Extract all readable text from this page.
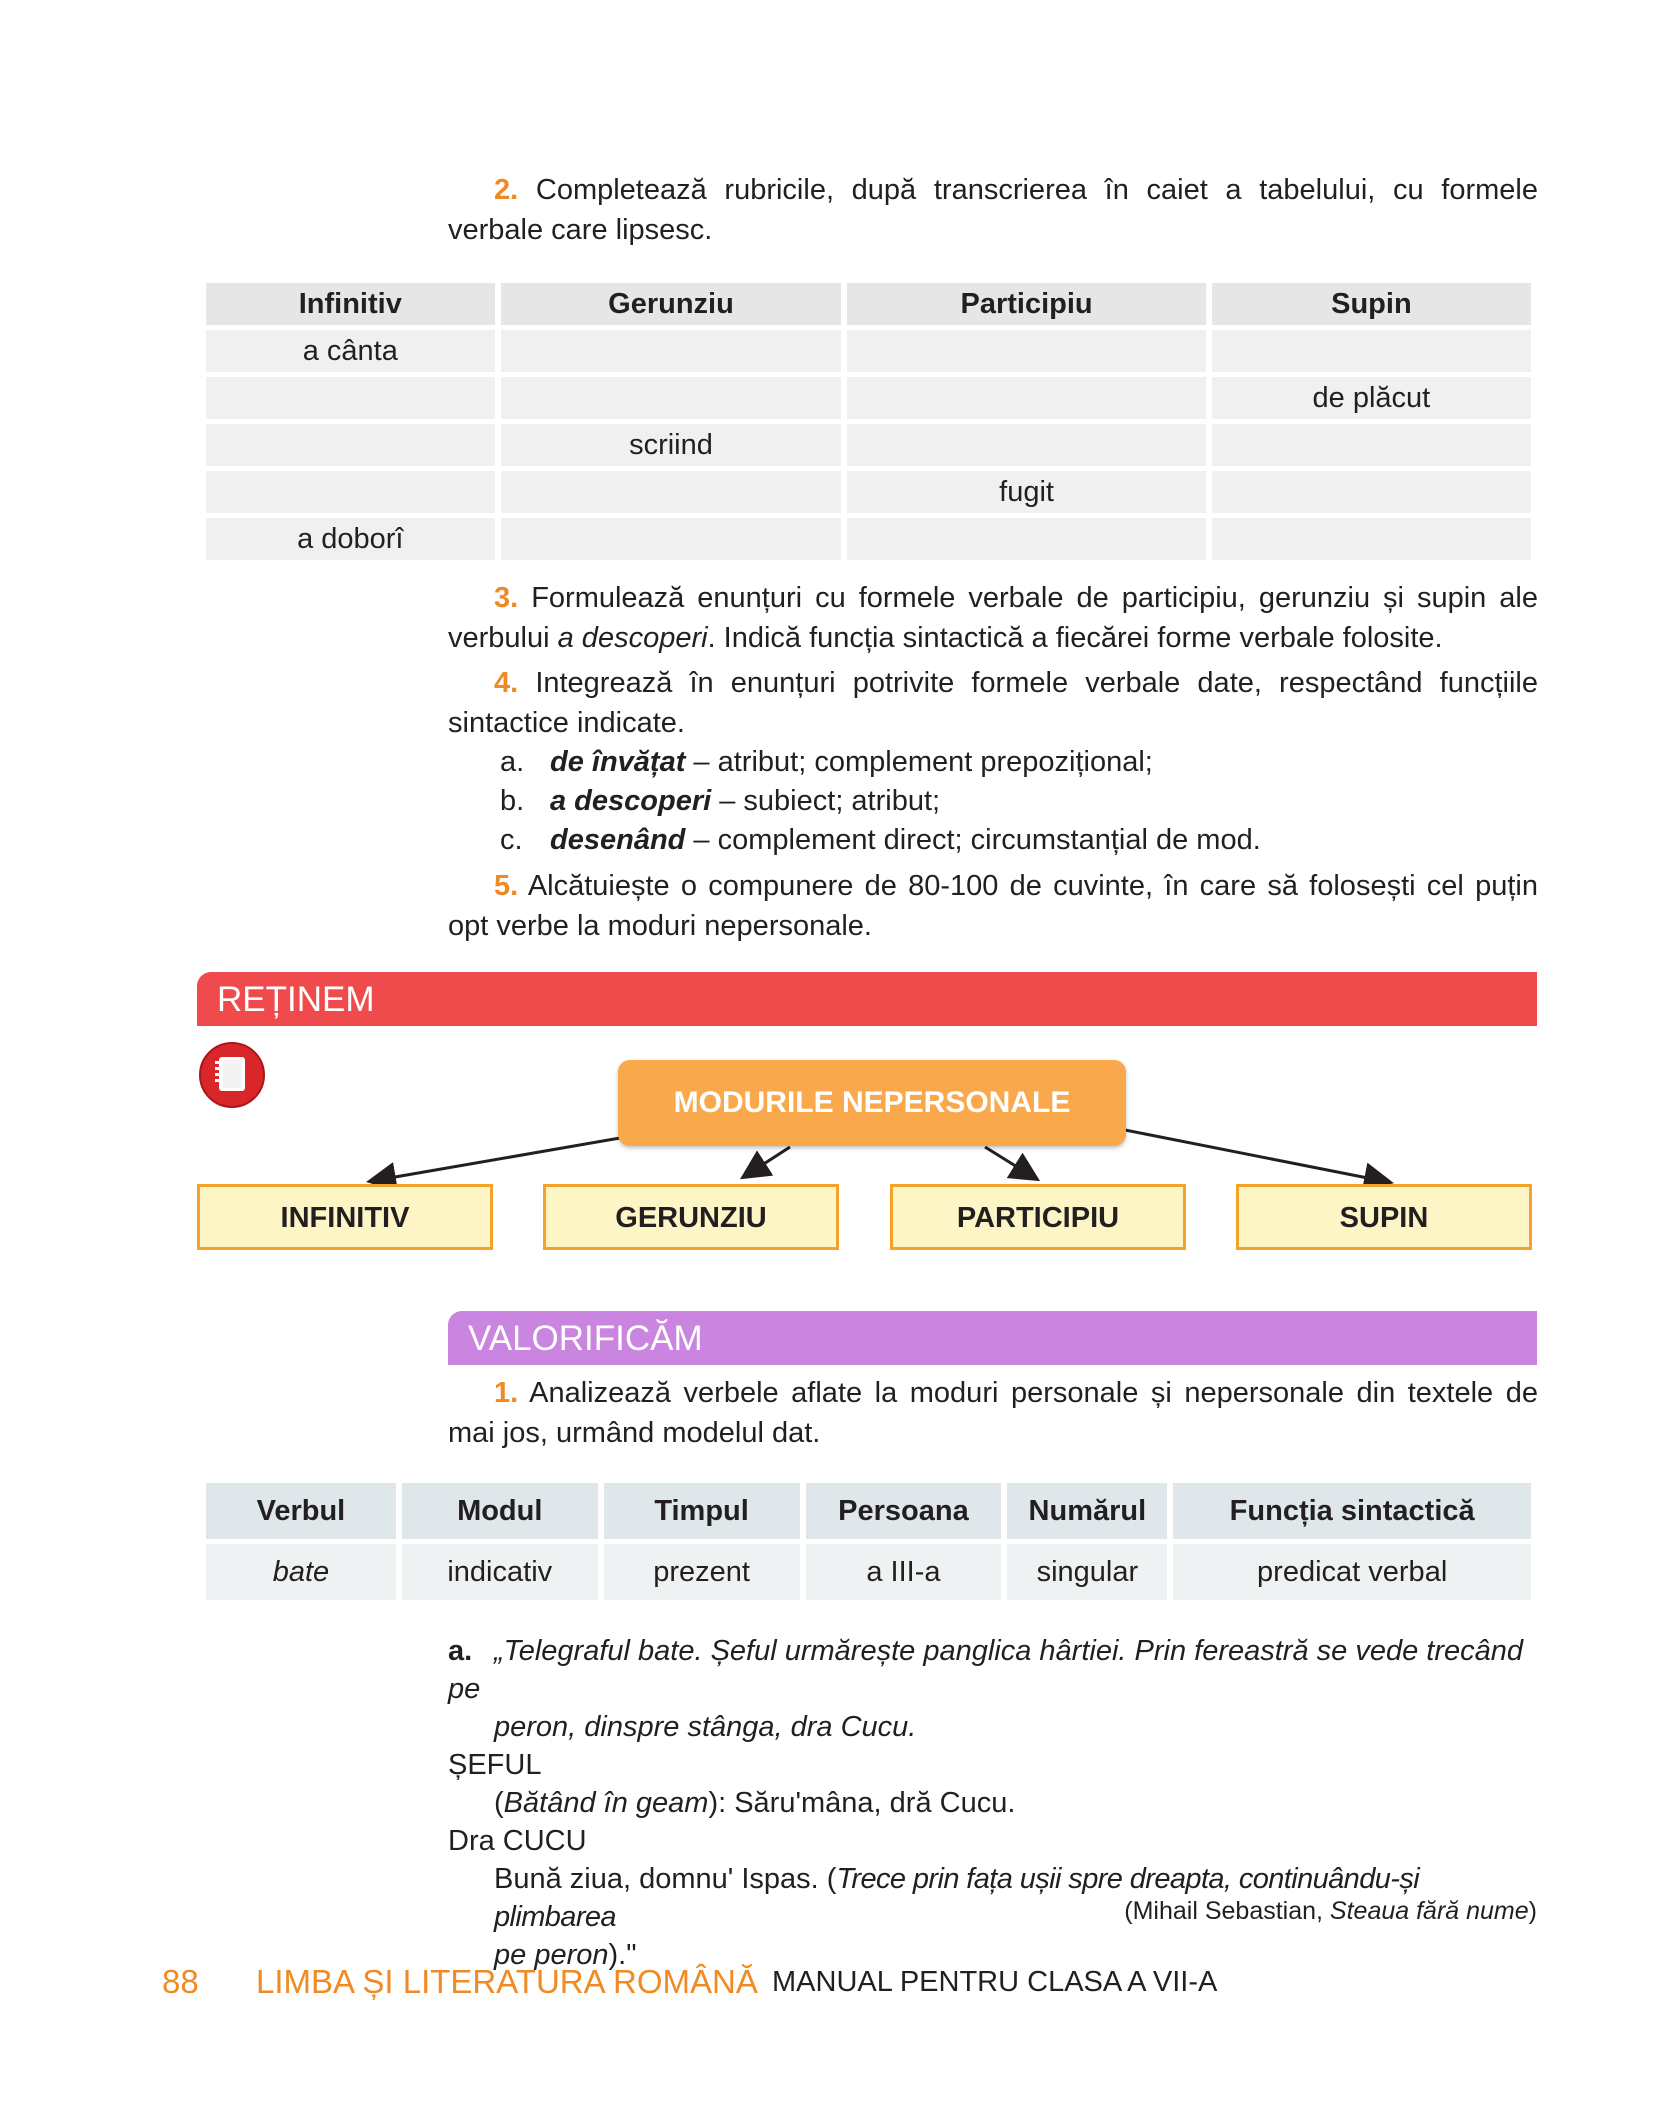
2. Completează rubricile, după transcrierea în caiet a tabelului, cu formele verbale care lipsesc.
Infinitiv	Gerunziu	Participiu	Supin
a cânta			
			de plăcut
	scriind		
		fugit	
a doborî			
3. Formulează enunțuri cu formele verbale de participiu, gerunziu și supin ale verbului a descoperi. Indică funcția sintactică a fiecărei forme verbale folosite.
4. Integrează în enunțuri potrivite formele verbale date, respectând funcțiile sintactice indicate.
a. de învățat – atribut; complement prepozițional;
b. a descoperi – subiect; atribut;
c. desenând – complement direct; circumstanțial de mod.
5. Alcătuiește o compunere de 80-100 de cuvinte, în care să folosești cel puțin opt verbe la moduri nepersonale.
REȚINEM
MODURILE NEPERSONALE
INFINITIV	GERUNZIU	PARTICIPIU	SUPIN
VALORIFICĂM
1. Analizează verbele aflate la moduri personale și nepersonale din textele de mai jos, urmând modelul dat.
Verbul	Modul	Timpul	Persoana	Numărul	Funcția sintactică
bate	indicativ	prezent	a III-a	singular	predicat verbal
a. „Telegraful bate. Șeful urmărește panglica hârtiei. Prin fereastră se vede trecând pe
peron, dinspre stânga, dra Cucu.
ȘEFUL
(Bătând în geam): Săru'mâna, dră Cucu.
Dra CUCU
Bună ziua, domnu' Ispas. (Trece prin fața ușii spre dreapta, continuându-și plimbarea
pe peron)."
(Mihail Sebastian, Steaua fără nume)
88 LIMBA ȘI LITERATURA ROMÂNĂ MANUAL PENTRU CLASA A VII-A
